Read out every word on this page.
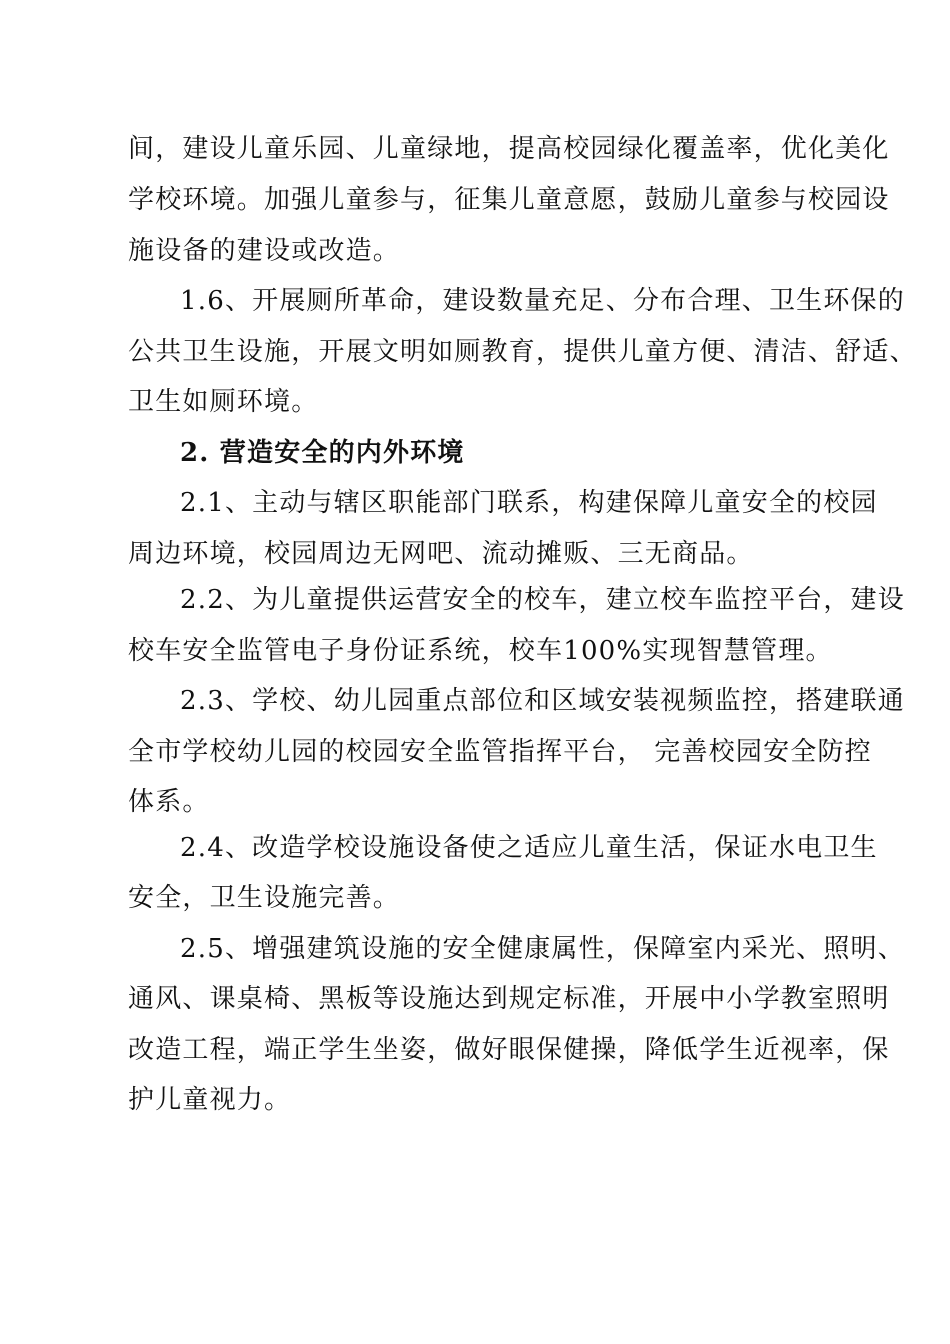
间，建设儿童乐园、儿童绿地，提高校园绿化覆盖率，优化美化
学校环境。加强儿童参与，征集儿童意愿，鼓励儿童参与校园设
施设备的建设或改造。
1.6、开展厕所革命，建设数量充足、分布合理、卫生环保的
公共卫生设施，开展文明如厕教育，提供儿童方便、清洁、舒适、
卫生如厕环境。
2. 营造安全的内外环境
2.1、主动与辖区职能部门联系，构建保障儿童安全的校园
周边环境，校园周边无网吧、流动摊贩、三无商品。
2.2、为儿童提供运营安全的校车，建立校车监控平台，建设
校车安全监管电子身份证系统，校车100%实现智慧管理。
2.3、学校、幼儿园重点部位和区域安装视频监控，搭建联通
全市学校幼儿园的校园安全监管指挥平台， 完善校园安全防控
体系。
2.4、改造学校设施设备使之适应儿童生活，保证水电卫生
安全，卫生设施完善。
2.5、增强建筑设施的安全健康属性，保障室内采光、照明、
通风、课桌椅、黑板等设施达到规定标准，开展中小学教室照明
改造工程，端正学生坐姿，做好眼保健操，降低学生近视率，保
护儿童视力。
